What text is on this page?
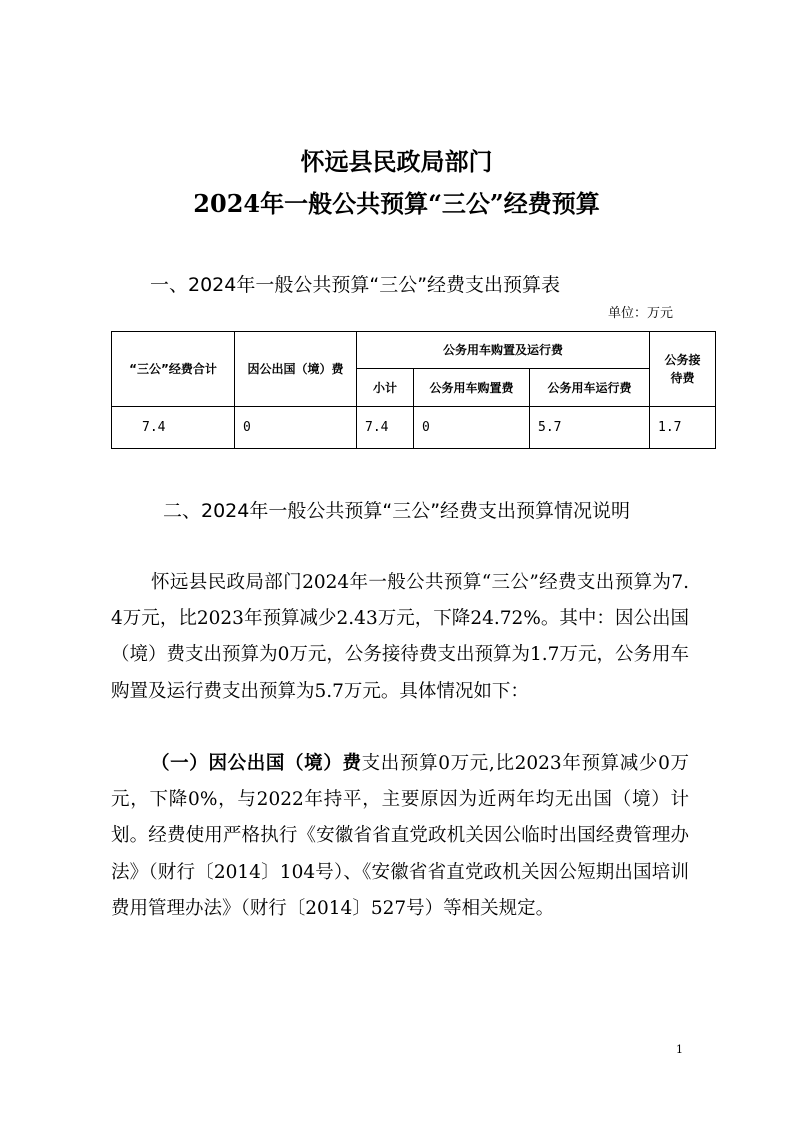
怀远县民政局部门
2024年一般公共预算“三公”经费预算
一、2024年一般公共预算“三公”经费支出预算表
单位：万元
“三公”经费合计	因公出国（境）费	公务用车购置及运行费			公务接待费
		小计	公务用车购置费	公务用车运行费	
7.4	0	7.4	0	5.7	1.7
二、2024年一般公共预算“三公”经费支出预算情况说明
怀远县民政局部门2024年一般公共预算“三公”经费支出预算为7.4万元，比2023年预算减少2.43万元，下降24.72%。其中：因公出国（境）费支出预算为0万元，公务接待费支出预算为1.7万元，公务用车购置及运行费支出预算为5.7万元。具体情况如下：
（一）因公出国（境）费支出预算0万元,比2023年预算减少0万元，下降0%，与2022年持平，主要原因为近两年均无出国（境）计划。经费使用严格执行《安徽省省直党政机关因公临时出国经费管理办法》（财行〔2014〕104号）、《安徽省省直党政机关因公短期出国培训费用管理办法》（财行〔2014〕527号）等相关规定。
1
